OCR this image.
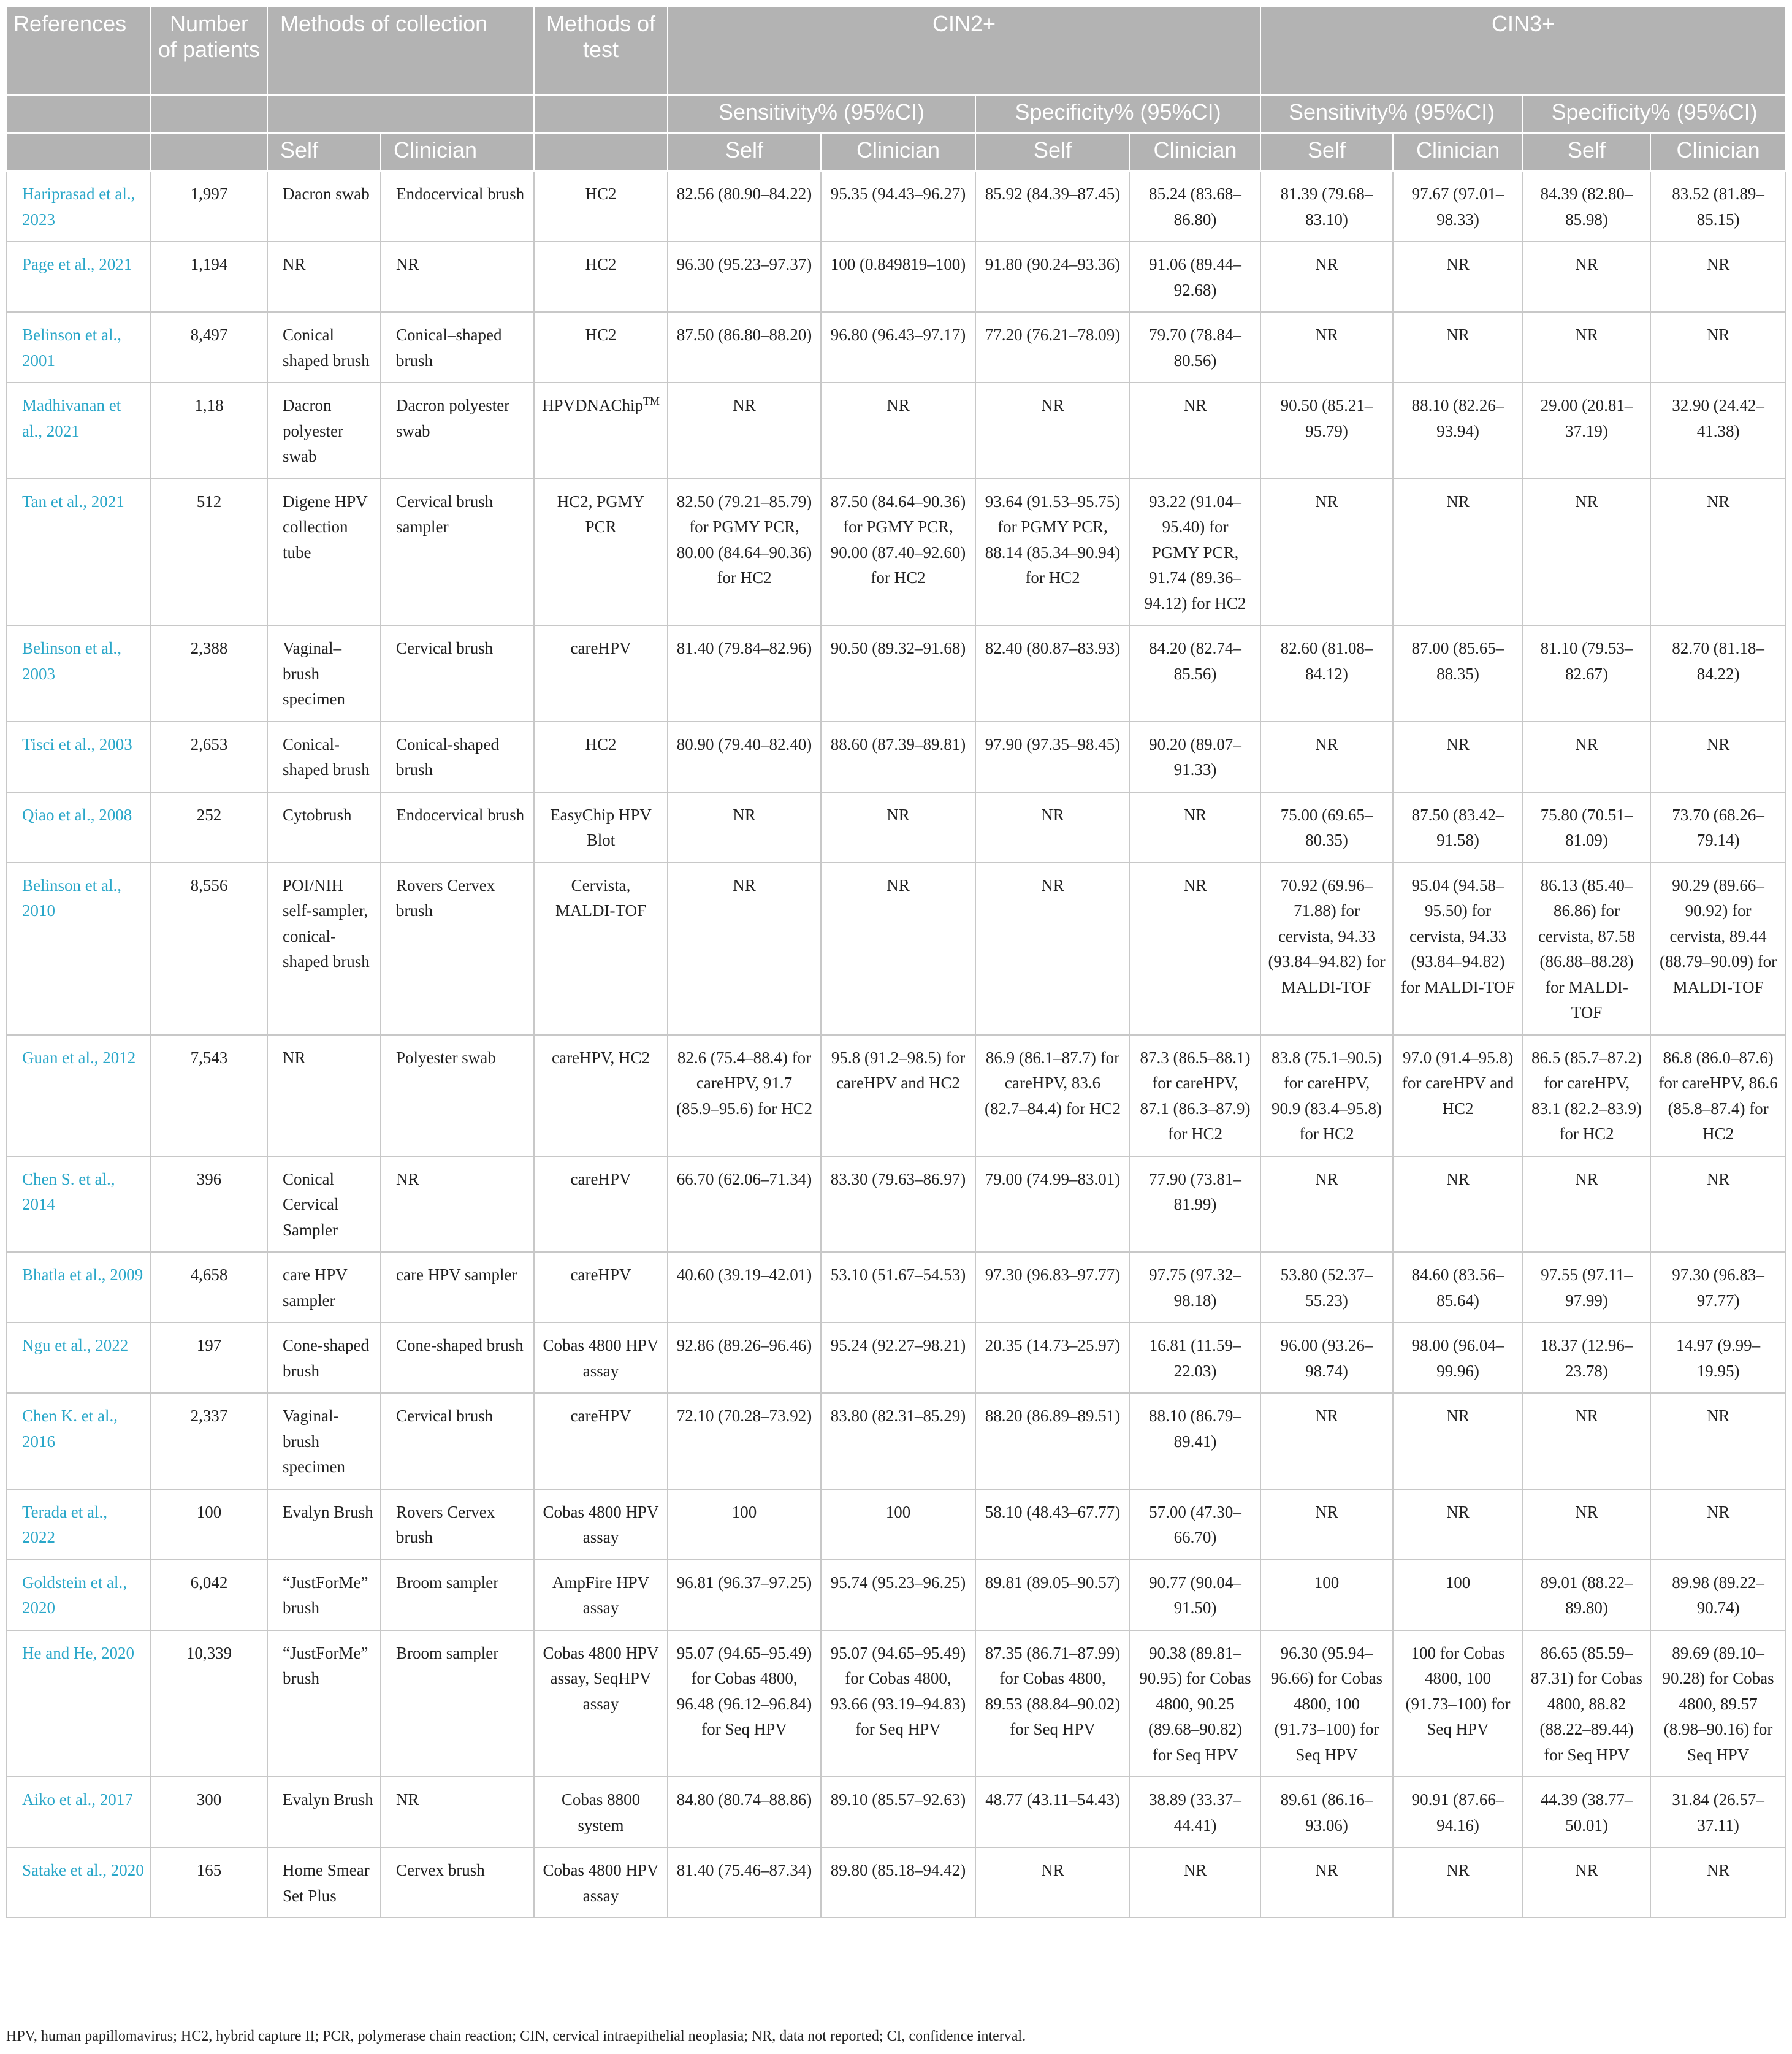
References	Number of patients	Methods of collection		Methods of test	CIN2+				CIN3+			
					Sensitivity% (95%CI)		Specificity% (95%CI)		Sensitivity% (95%CI)		Specificity% (95%CI)	
		Self	Clinician		Self	Clinician	Self	Clinician	Self	Clinician	Self	Clinician
Hariprasad et al., 2023	1,997	Dacron swab	Endocervical brush	HC2	82.56 (80.90–84.22)	95.35 (94.43–96.27)	85.92 (84.39–87.45)	85.24 (83.68–86.80)	81.39 (79.68–83.10)	97.67 (97.01–98.33)	84.39 (82.80–85.98)	83.52 (81.89–85.15)
Page et al., 2021	1,194	NR	NR	HC2	96.30 (95.23–97.37)	100 (0.849819–100)	91.80 (90.24–93.36)	91.06 (89.44–92.68)	NR	NR	NR	NR
Belinson et al., 2001	8,497	Conical shaped brush	Conical–shaped brush	HC2	87.50 (86.80–88.20)	96.80 (96.43–97.17)	77.20 (76.21–78.09)	79.70 (78.84–80.56)	NR	NR	NR	NR
Madhivanan et al., 2021	1,18	Dacron polyester swab	Dacron polyester swab	HPVDNAChip™	NR	NR	NR	NR	90.50 (85.21–95.79)	88.10 (82.26–93.94)	29.00 (20.81–37.19)	32.90 (24.42–41.38)
Tan et al., 2021	512	Digene HPV collection tube	Cervical brush sampler	HC2, PGMY PCR	82.50 (79.21–85.79) for PGMY PCR, 80.00 (84.64–90.36) for HC2	87.50 (84.64–90.36) for PGMY PCR, 90.00 (87.40–92.60) for HC2	93.64 (91.53–95.75) for PGMY PCR, 88.14 (85.34–90.94) for HC2	93.22 (91.04–95.40) for PGMY PCR, 91.74 (89.36–94.12) for HC2	NR	NR	NR	NR
Belinson et al., 2003	2,388	Vaginal–brush specimen	Cervical brush	careHPV	81.40 (79.84–82.96)	90.50 (89.32–91.68)	82.40 (80.87–83.93)	84.20 (82.74–85.56)	82.60 (81.08–84.12)	87.00 (85.65–88.35)	81.10 (79.53–82.67)	82.70 (81.18–84.22)
Tisci et al., 2003	2,653	Conical-shaped brush	Conical-shaped brush	HC2	80.90 (79.40–82.40)	88.60 (87.39–89.81)	97.90 (97.35–98.45)	90.20 (89.07–91.33)	NR	NR	NR	NR
Qiao et al., 2008	252	Cytobrush	Endocervical brush	EasyChip HPV Blot	NR	NR	NR	NR	75.00 (69.65–80.35)	87.50 (83.42–91.58)	75.80 (70.51–81.09)	73.70 (68.26–79.14)
Belinson et al., 2010	8,556	POI/NIH self-sampler, conical-shaped brush	Rovers Cervex brush	Cervista, MALDI-TOF	NR	NR	NR	NR	70.92 (69.96–71.88) for cervista, 94.33 (93.84–94.82) for MALDI-TOF	95.04 (94.58–95.50) for cervista, 94.33 (93.84–94.82) for MALDI-TOF	86.13 (85.40–86.86) for cervista, 87.58 (86.88–88.28) for MALDI-TOF	90.29 (89.66–90.92) for cervista, 89.44 (88.79–90.09) for MALDI-TOF
Guan et al., 2012	7,543	NR	Polyester swab	careHPV, HC2	82.6 (75.4–88.4) for careHPV, 91.7 (85.9–95.6) for HC2	95.8 (91.2–98.5) for careHPV and HC2	86.9 (86.1–87.7) for careHPV, 83.6 (82.7–84.4) for HC2	87.3 (86.5–88.1) for careHPV, 87.1 (86.3–87.9) for HC2	83.8 (75.1–90.5) for careHPV, 90.9 (83.4–95.8) for HC2	97.0 (91.4–95.8) for careHPV and HC2	86.5 (85.7–87.2) for careHPV, 83.1 (82.2–83.9) for HC2	86.8 (86.0–87.6) for careHPV, 86.6 (85.8–87.4) for HC2
Chen S. et al., 2014	396	Conical Cervical Sampler	NR	careHPV	66.70 (62.06–71.34)	83.30 (79.63–86.97)	79.00 (74.99–83.01)	77.90 (73.81–81.99)	NR	NR	NR	NR
Bhatla et al., 2009	4,658	care HPV sampler	care HPV sampler	careHPV	40.60 (39.19–42.01)	53.10 (51.67–54.53)	97.30 (96.83–97.77)	97.75 (97.32–98.18)	53.80 (52.37–55.23)	84.60 (83.56–85.64)	97.55 (97.11–97.99)	97.30 (96.83–97.77)
Ngu et al., 2022	197	Cone-shaped brush	Cone-shaped brush	Cobas 4800 HPV assay	92.86 (89.26–96.46)	95.24 (92.27–98.21)	20.35 (14.73–25.97)	16.81 (11.59–22.03)	96.00 (93.26–98.74)	98.00 (96.04–99.96)	18.37 (12.96–23.78)	14.97 (9.99–19.95)
Chen K. et al., 2016	2,337	Vaginal-brush specimen	Cervical brush	careHPV	72.10 (70.28–73.92)	83.80 (82.31–85.29)	88.20 (86.89–89.51)	88.10 (86.79–89.41)	NR	NR	NR	NR
Terada et al., 2022	100	Evalyn Brush	Rovers Cervex brush	Cobas 4800 HPV assay	100	100	58.10 (48.43–67.77)	57.00 (47.30–66.70)	NR	NR	NR	NR
Goldstein et al., 2020	6,042	“JustForMe” brush	Broom sampler	AmpFire HPV assay	96.81 (96.37–97.25)	95.74 (95.23–96.25)	89.81 (89.05–90.57)	90.77 (90.04–91.50)	100	100	89.01 (88.22–89.80)	89.98 (89.22–90.74)
He and He, 2020	10,339	“JustForMe” brush	Broom sampler	Cobas 4800 HPV assay, SeqHPV assay	95.07 (94.65–95.49) for Cobas 4800, 96.48 (96.12–96.84) for Seq HPV	95.07 (94.65–95.49) for Cobas 4800, 93.66 (93.19–94.83) for Seq HPV	87.35 (86.71–87.99) for Cobas 4800, 89.53 (88.84–90.02) for Seq HPV	90.38 (89.81–90.95) for Cobas 4800, 90.25 (89.68–90.82) for Seq HPV	96.30 (95.94–96.66) for Cobas 4800, 100 (91.73–100) for Seq HPV	100 for Cobas 4800, 100 (91.73–100) for Seq HPV	86.65 (85.59–87.31) for Cobas 4800, 88.82 (88.22–89.44) for Seq HPV	89.69 (89.10–90.28) for Cobas 4800, 89.57 (8.98–90.16) for Seq HPV
Aiko et al., 2017	300	Evalyn Brush	NR	Cobas 8800 system	84.80 (80.74–88.86)	89.10 (85.57–92.63)	48.77 (43.11–54.43)	38.89 (33.37–44.41)	89.61 (86.16–93.06)	90.91 (87.66–94.16)	44.39 (38.77–50.01)	31.84 (26.57–37.11)
Satake et al., 2020	165	Home Smear Set Plus	Cervex brush	Cobas 4800 HPV assay	81.40 (75.46–87.34)	89.80 (85.18–94.42)	NR	NR	NR	NR	NR	NR
HPV, human papillomavirus; HC2, hybrid capture II; PCR, polymerase chain reaction; CIN, cervical intraepithelial neoplasia; NR, data not reported; CI, confidence interval.
